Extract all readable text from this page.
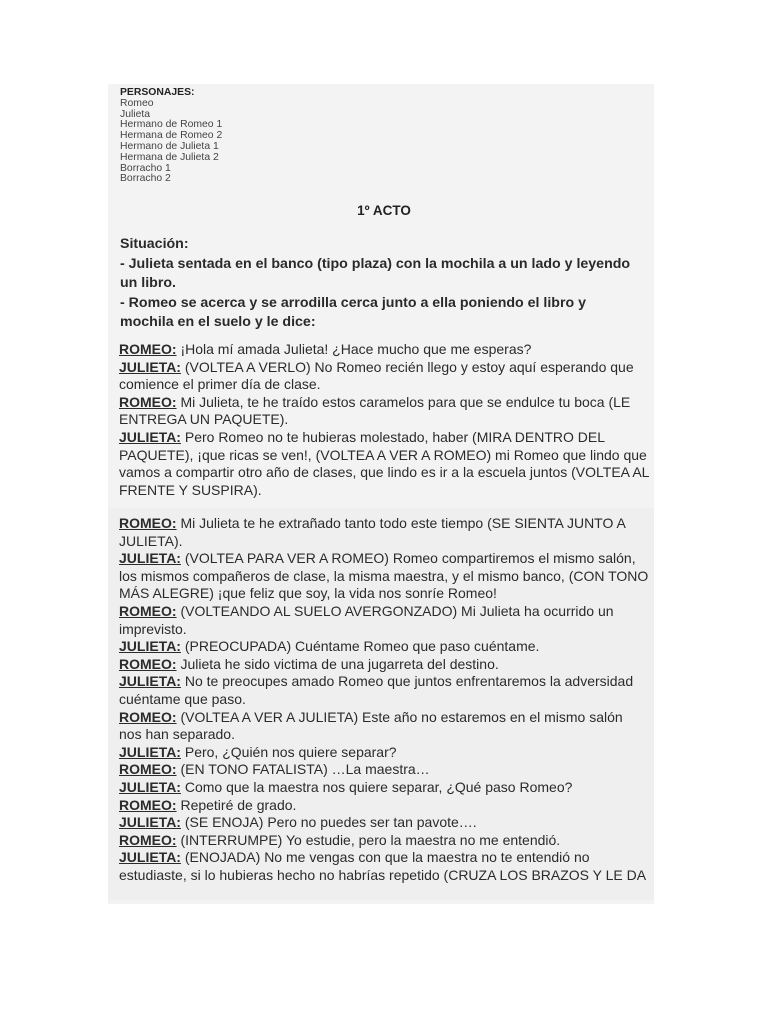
PERSONAJES:
Romeo
Julieta
Hermano de Romeo 1
Hermana de Romeo 2
Hermano de Julieta 1
Hermana de Julieta 2
Borracho 1
Borracho 2
1º ACTO
Situación:
- Julieta sentada en el banco (tipo plaza) con la mochila a un lado y leyendo un libro.
- Romeo se acerca y se arrodilla cerca junto a ella poniendo el libro y mochila en el suelo y le dice:

ROMEO: ¡Hola mí amada Julieta! ¿Hace mucho que me esperas?

JULIETA: (VOLTEA A VERLO) No Romeo recién llego y estoy aquí esperando que comience el primer día de clase.

ROMEO: Mi Julieta, te he traído estos caramelos para que se endulce tu boca (LE ENTREGA UN PAQUETE).

JULIETA: Pero Romeo no te hubieras molestado, haber (MIRA DENTRO DEL PAQUETE), ¡que ricas se ven!, (VOLTEA A VER A ROMEO) mi Romeo que lindo que vamos a compartir otro año de clases, que lindo es ir a la escuela juntos (VOLTEA AL FRENTE Y SUSPIRA).

ROMEO: Mi Julieta te he extrañado tanto todo este tiempo (SE SIENTA JUNTO A JULIETA).

JULIETA: (VOLTEA PARA VER A ROMEO) Romeo compartiremos el mismo salón, los mismos compañeros de clase, la misma maestra, y el mismo banco, (CON TONO MÁS ALEGRE) ¡que feliz que soy, la vida nos sonríe Romeo!

ROMEO: (VOLTEANDO AL SUELO AVERGONZADO) Mi Julieta ha ocurrido un imprevisto.

JULIETA: (PREOCUPADA) Cuéntame Romeo que paso cuéntame.

ROMEO: Julieta he sido victima de una jugarreta del destino.

JULIETA: No te preocupes amado Romeo que juntos enfrentaremos la adversidad cuéntame que paso.

ROMEO: (VOLTEA A VER A JULIETA) Este año no estaremos en el mismo salón nos han separado.

JULIETA: Pero, ¿Quién nos quiere separar?

ROMEO: (EN TONO FATALISTA) …La maestra…

JULIETA: Como que la maestra nos quiere separar, ¿Qué paso Romeo?

ROMEO: Repetiré de grado.

JULIETA: (SE ENOJA) Pero no puedes ser tan pavote….

ROMEO: (INTERRUMPE) Yo estudie, pero la maestra no me entendió.

JULIETA: (ENOJADA) No me vengas con que la maestra no te entendió no estudiaste, si lo hubieras hecho no habrías repetido (CRUZA LOS BRAZOS Y LE DA
